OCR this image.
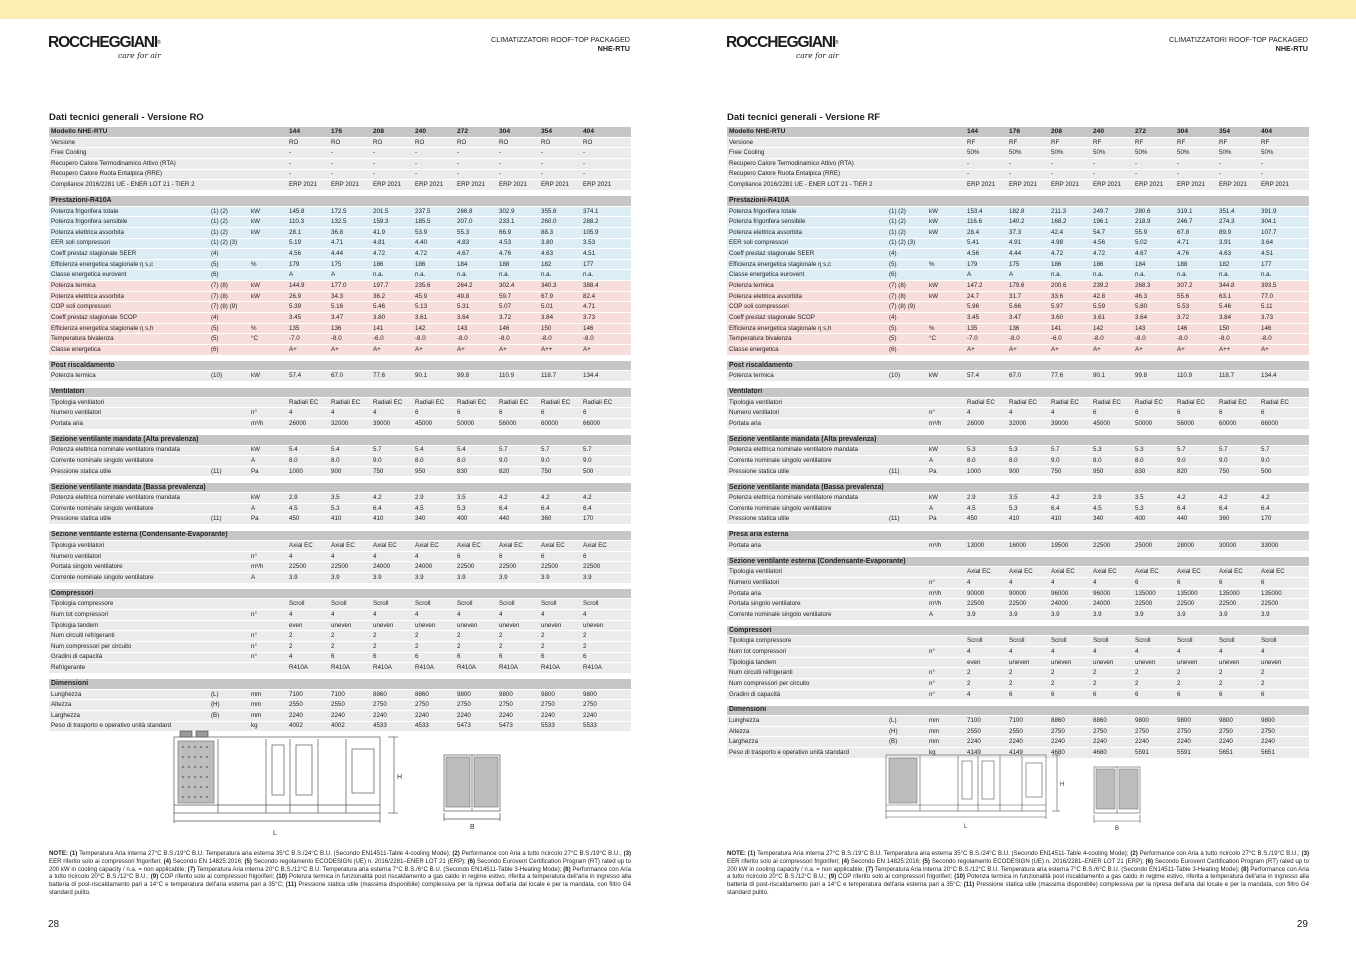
ROCCHEGGIANI®
care for air
CLIMATIZZATORI ROOF-TOP PACKAGED
NHE-RTU
Dati tecnici generali - Versione RO
Modello NHE-RTU			144	176	208	240	272	304	354	404
Versione			RO	RO	RO	RO	RO	RO	RO	RO
Free Cooling			-	-	-	-	-	-	-	-
Recupero Calore Termodinamico Attivo (RTA)			-	-	-	-	-	-	-	-
Recupero Calore Ruota Entalpica (RRE)			-	-	-	-	-	-	-	-
Compliance 2016/2281 UE - ENER LOT 21 - TIER 2			ERP 2021	ERP 2021	ERP 2021	ERP 2021	ERP 2021	ERP 2021	ERP 2021	ERP 2021

Prestazioni-R410A										
Potenza frigorifera totale	(1) (2)	kW	145.8	172.5	201.5	237.5	266.8	302.9	355.6	374.1
Potenza frigorifera sensibile	(1) (2)	kW	110.3	132.5	159.3	185.5	207.0	233.1	260.0	288.2
Potenza elettrica assorbita	(1) (2)	kW	28.1	36.8	41.9	53.9	55.3	66.9	88.3	105.9
EER soli compressori	(1) (2) (3)		5.19	4.71	4.81	4.40	4.83	4.53	3.80	3.53
Coeff prestaz stagionale SEER	(4)		4.56	4.44	4.72	4.72	4.67	4.76	4.63	4.51
Efficienza energetica stagionale η s,c	(5)	%	179	175	186	186	184	188	182	177
Classe energetica eurovent	(6)		A	A	n.a.	n.a.	n.a.	n.a.	n.a.	n.a.
Potenza termica	(7) (8)	kW	144.9	177.0	197.7	235.6	264.2	302.4	340.3	388.4
Potenza elettrica assorbita	(7) (8)	kW	26.9	34.3	36.2	45.9	49.8	59.7	67.9	82.4
COP soli compressori	(7) (8) (9)		5.39	5.16	5.46	5.13	5.31	5.07	5.01	4.71
Coeff prestaz stagionale SCOP	(4)		3.45	3.47	3.80	3.61	3.64	3.72	3.84	3.73
Efficienza energetica stagionale η s,h	(5)	%	135	136	141	142	143	146	150	146
Temperatura bivalenza	(5)	°C	-7.0	-8.0	-6.0	-8.0	-8.0	-8.0	-8.0	-8.0
Classe energetica	(6)		A+	A+	A+	A+	A+	A+	A++	A+

Post riscaldamento										
Potenza termica	(10)	kW	57.4	67.0	77.6	90.1	99.8	110.9	118.7	134.4

Ventilatori										
Tipologia ventilatori			Radiali EC	Radiali EC	Radiali EC	Radiali EC	Radiali EC	Radiali EC	Radiali EC	Radiali EC
Numero ventilatori		n°	4	4	4	6	6	6	6	6
Portata aria		m³/h	26000	32000	39000	45000	50000	56000	60000	66000

Sezione ventilante mandata (Alta prevalenza)										
Potenza elettrica nominale ventilatore mandata		kW	5.4	5.4	5.7	5.4	5.4	5.7	5.7	5.7
Corrente nominale singolo ventilatore		A	8.0	8.0	9.0	8.0	8.0	9.0	9.0	9.0
Pressione statica utile	(11)	Pa	1000	900	750	950	830	820	750	500

Sezione ventilante mandata (Bassa prevalenza)										
Potenza elettrica nominale ventilatore mandata		kW	2.9	3.5	4.2	2.9	3.5	4.2	4.2	4.2
Corrente nominale singolo ventilatore		A	4.5	5.3	6.4	4.5	5.3	6.4	6.4	6.4
Pressione statica utile	(11)	Pa	450	410	410	340	400	440	360	170

Sezione ventilante esterna (Condensante-Evaporante)										
Tipologia ventilatori			Axial EC	Axial EC	Axial EC	Axial EC	Axial EC	Axial EC	Axial EC	Axial EC
Numero ventilatori		n°	4	4	4	4	6	6	6	6
Portata singolo ventilatore		m³/h	22500	22500	24000	24000	22500	22500	22500	22500
Corrente nominale singolo ventilatore		A	3.9	3.9	3.9	3.9	3.9	3.9	3.9	3.9

Compressori										
Tipologia compressore			Scroll	Scroll	Scroll	Scroll	Scroll	Scroll	Scroll	Scroll
Num tot compressori		n°	4	4	4	4	4	4	4	4
Tipologia tandem			even	uneven	uneven	uneven	uneven	uneven	uneven	uneven
Num circuiti refrigeranti		n°	2	2	2	2	2	2	2	2
Num compressori per circuito		n°	2	2	2	2	2	2	2	2
Gradini di capacità		n°	4	6	6	6	6	6	6	6
Refrigerante			R410A	R410A	R410A	R410A	R410A	R410A	R410A	R410A

Dimensioni										
Lunghezza	(L)	mm	7100	7100	8860	8860	9800	9800	9800	9800
Altezza	(H)	mm	2550	2550	2750	2750	2750	2750	2750	2750
Larghezza	(B)	mm	2240	2240	2240	2240	2240	2240	2240	2240
Peso di trasporto e operativo unità standard		kg	4002	4002	4533	4533	5473	5473	5533	5533
L
H
B
NOTE: (1) Temperatura Aria interna 27°C B.S./19°C B.U. Temperatura aria esterna 35°C B.S./24°C B.U. (Secondo EN14511-Table 4-cooling Mode); (2) Performance con Aria a tutto ricircolo 27°C B.S./19°C B.U.; (3) EER riferito solo ai compressori frigoriferi; (4) Secondo EN 14825:2016; (5) Secondo regolamento ECODESIGN (UE) n. 2016/2281–ENER LOT 21 (ERP); (6) Secondo Eurovent Certification Program (RT) rated up to 200 kW in cooling capacity / n.a. = non applicabile; (7) Temperatura Aria interna 20°C B.S./12°C B.U. Temperatura aria esterna 7°C B.S./6°C B.U. (Secondo EN14511-Table 3-Heating Mode); (8) Performance con Aria a tutto ricircolo 20°C B.S./12°C B.U.; (9) COP riferito solo ai compressori frigoriferi; (10) Potenza termica in funzionalità post riscaldamento a gas caldo in regime estivo, riferita a temperatura dell'aria in ingresso alla batteria di post-riscaldamento pari a 14°C e temperatura dell'aria esterna pari a 35°C; (11) Pressione statica utile (massima disponibile) complessiva per la ripresa dell'aria dal locale e per la mandata, con filtro G4 standard pulito.
28
ROCCHEGGIANI®
care for air
CLIMATIZZATORI ROOF-TOP PACKAGED
NHE-RTU
Dati tecnici generali - Versione RF
Modello NHE-RTU			144	176	208	240	272	304	354	404
Versione			RF	RF	RF	RF	RF	RF	RF	RF
Free Cooling			50%	50%	50%	50%	50%	50%	50%	50%
Recupero Calore Termodinamico Attivo (RTA)			-	-	-	-	-	-	-	-
Recupero Calore Ruota Entalpica (RRE)			-	-	-	-	-	-	-	-
Compliance 2016/2281 UE - ENER LOT 21 - TIER 2			ERP 2021	ERP 2021	ERP 2021	ERP 2021	ERP 2021	ERP 2021	ERP 2021	ERP 2021

Prestazioni-R410A										
Potenza frigorifera totale	(1) (2)	kW	153.4	182.8	211.3	249.7	280.6	319.1	351.4	391.9
Potenza frigorifera sensibile	(1) (2)	kW	116.6	140.2	168.2	196.1	218.9	246.7	274.3	304.1
Potenza elettrica assorbita	(1) (2)	kW	28.4	37.3	42.4	54.7	55.9	67.8	89.9	107.7
EER soli compressori	(1) (2) (3)		5.41	4.91	4.98	4.56	5.02	4.71	3.91	3.64
Coeff prestaz stagionale SEER	(4)		4.56	4.44	4.72	4.72	4.67	4.76	4.63	4.51
Efficienza energetica stagionale η s,c	(5)	%	179	175	186	186	184	188	182	177
Classe energetica eurovent	(6)		A	A	n.a.	n.a.	n.a.	n.a.	n.a.	n.a.
Potenza termica	(7) (8)	kW	147.2	179.6	200.6	239.2	268.3	307.2	344.8	393.5
Potenza elettrica assorbita	(7) (8)	kW	24.7	31.7	33.6	42.8	46.3	55.6	63.1	77.0
COP soli compressori	(7) (8) (9)		5.96	5.66	5.97	5.59	5.80	5.53	5.46	5.11
Coeff prestaz stagionale SCOP	(4)		3.45	3.47	3.60	3.61	3.64	3.72	3.84	3.73
Efficienza energetica stagionale η s,h	(5)	%	135	136	141	142	143	146	150	146
Temperatura bivalenza	(5)	°C	-7.0	-8.0	-6.0	-8.0	-8.0	-8.0	-8.0	-8.0
Classe energetica	(6)		A+	A+	A+	A+	A+	A+	A++	A+

Post riscaldamento										
Potenza termica	(10)	kW	57.4	67.0	77.6	90.1	99.8	110.9	118.7	134.4

Ventilatori										
Tipologia ventilatori			Radial EC	Radial EC	Radial EC	Radial EC	Radial EC	Radial EC	Radial EC	Radial EC
Numero ventilatori		n°	4	4	4	6	6	6	6	6
Portata aria		m³/h	26000	32000	39000	45000	50000	56000	60000	66000

Sezione ventilante mandata (Alta prevalenza)										
Potenza elettrica nominale ventilatore mandata		kW	5.3	5.3	5.7	5.3	5.3	5.7	5.7	5.7
Corrente nominale singolo ventilatore		A	8.0	8.0	9.0	8.0	8.0	9.0	9.0	9.0
Pressione statica utile	(11)	Pa	1000	900	750	950	830	820	750	500

Sezione ventilante mandata (Bassa prevalenza)										
Potenza elettrica nominale ventilatore mandata		kW	2.9	3.5	4.2	2.9	3.5	4.2	4.2	4.2
Corrente nominale singolo ventilatore		A	4.5	5.3	6.4	4.5	5.3	6.4	6.4	6.4
Pressione statica utile	(11)	Pa	450	410	410	340	400	440	360	170

Presa aria esterna										
Portata aria		m³/h	13000	16000	19500	22500	25000	28000	30000	33000

Sezione ventilante esterna (Condensante-Evaporante)										
Tipologia ventilatori			Axial EC	Axial EC	Axial EC	Axial EC	Axial EC	Axial EC	Axial EC	Axial EC
Numero ventilatori		n°	4	4	4	4	6	6	6	6
Portata aria		m³/h	90000	90000	96000	96000	135000	135000	135000	135000
Portata singolo ventilatore		m³/h	22500	22500	24000	24000	22500	22500	22500	22500
Corrente nominale singolo ventilatore		A	3.9	3.9	3.9	3.9	3.9	3.9	3.9	3.9

Compressori										
Tipologia compressore			Scroll	Scroll	Scroll	Scroll	Scroll	Scroll	Scroll	Scroll
Num tot compressori		n°	4	4	4	4	4	4	4	4
Tipologia tandem			even	uneven	uneven	uneven	uneven	uneven	uneven	uneven
Num circuiti refrigeranti		n°	2	2	2	2	2	2	2	2
Num compressori per circuito		n°	2	2	2	2	2	2	2	2
Gradini di capacità		n°	4	6	6	6	6	6	6	6

Dimensioni										
Lunghezza	(L)	mm	7100	7100	8860	8860	9800	9800	9800	9800
Altezza	(H)	mm	2550	2550	2750	2750	2750	2750	2750	2750
Larghezza	(B)	mm	2240	2240	2240	2240	2240	2240	2240	2240
Peso di trasporto e operativo unità standard		kg	4149	4149	4680	4680	5591	5591	5651	5651
L
H
B
NOTE: (1) Temperatura Aria interna 27°C B.S./19°C B.U. Temperatura aria esterna 35°C B.S./24°C B.U. (Secondo EN14511-Table 4-cooling Mode); (2) Performance con Aria a tutto ricircolo 27°C B.S./19°C B.U.; (3) EER riferito solo ai compressori frigoriferi; (4) Secondo EN 14825:2016; (5) Secondo regolamento ECODESIGN (UE) n. 2016/2281–ENER LOT 21 (ERP); (6) Secondo Eurovent Certification Program (RT) rated up to 200 kW in cooling capacity / n.a. = non applicabile; (7) Temperatura Aria interna 20°C B.S./12°C B.U. Temperatura aria esterna 7°C B.S./6°C B.U. (Secondo EN14511-Table 3-Heating Mode); (8) Performance con Aria a tutto ricircolo 20°C B.S./12°C B.U.; (9) COP riferito solo ai compressori frigoriferi; (10) Potenza termica in funzionalità post riscaldamento a gas caldo in regime estivo, riferita a temperatura dell'aria in ingresso alla batteria di post-riscaldamento pari a 14°C e temperatura dell'aria esterna pari a 35°C; (11) Pressione statica utile (massima disponibile) complessiva per la ripresa dell'aria dal locale e per la mandata, con filtro G4 standard pulito.
29
